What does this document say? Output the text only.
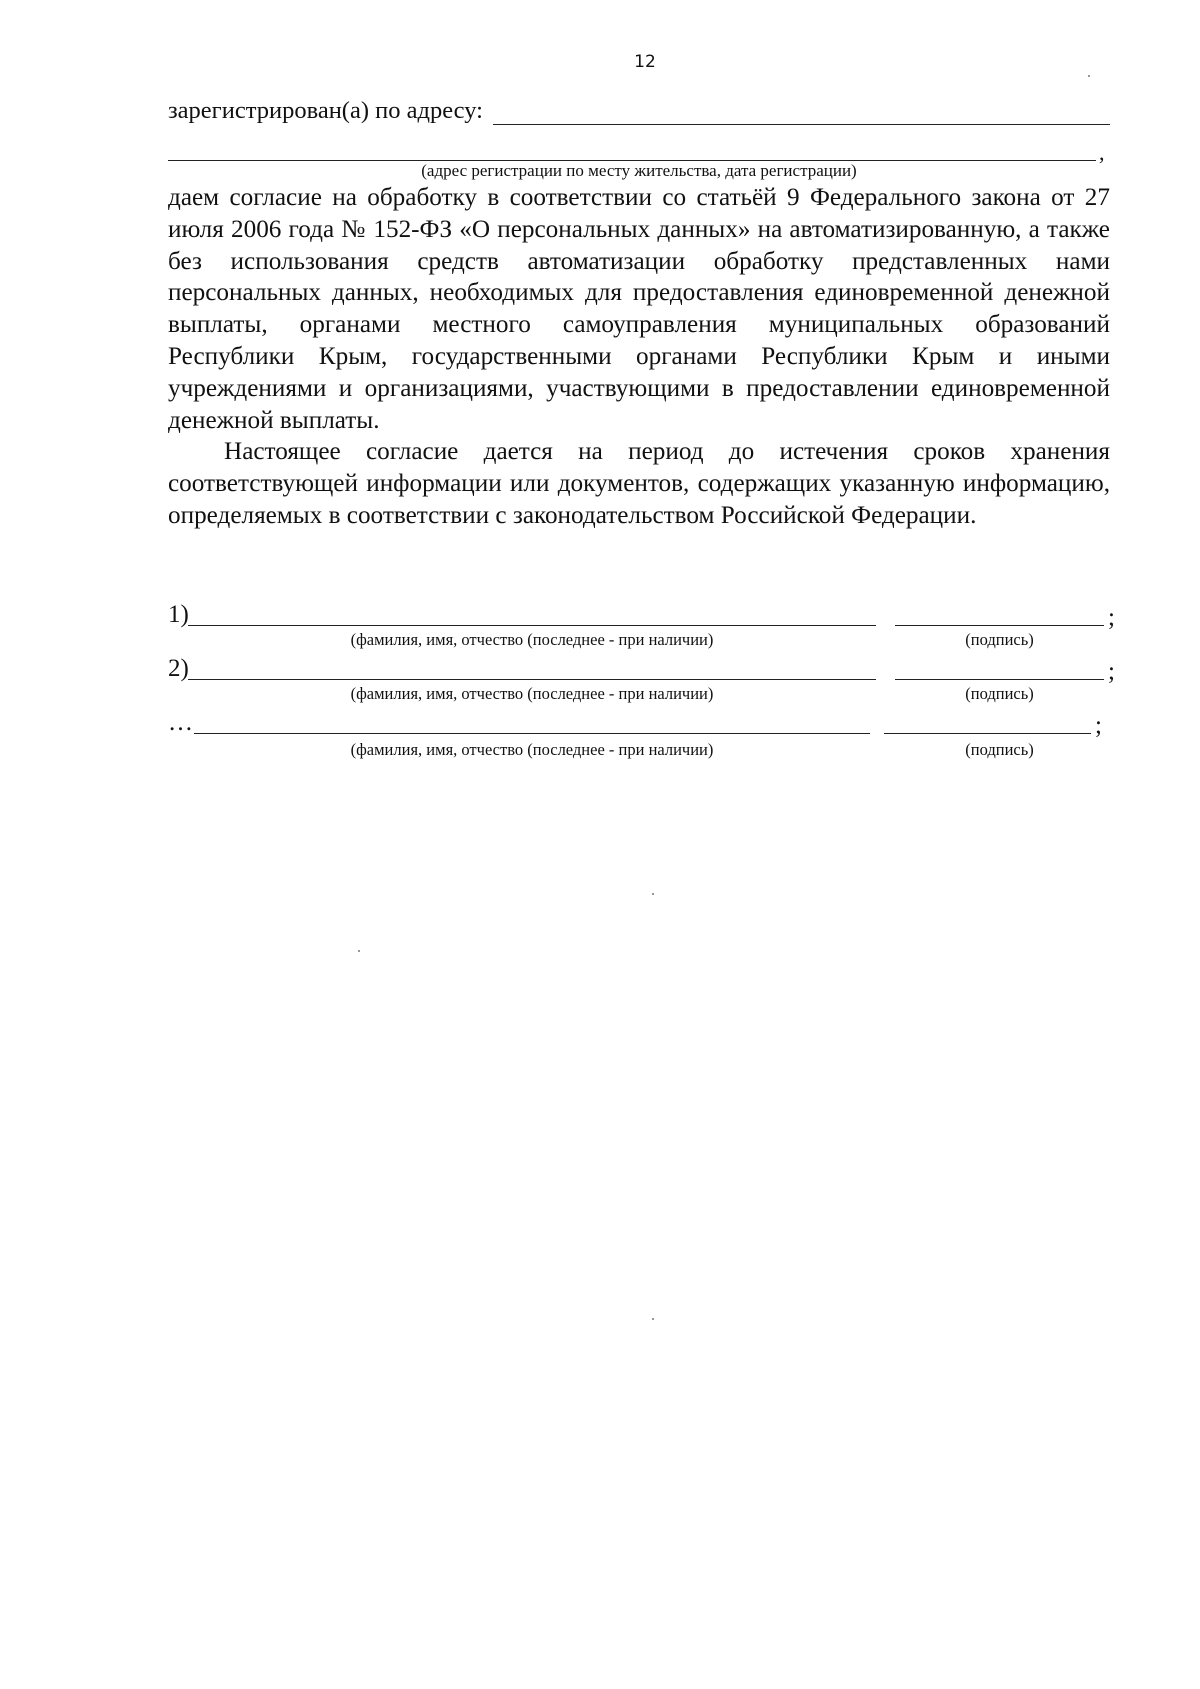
12
зарегистрирован(а) по адресу:
,
(адрес регистрации по месту жительства, дата регистрации)

даем согласие на обработку в соответствии со статьёй 9 Федерального закона от 27 июля 2006 года № 152-ФЗ «О персональных данных» на автоматизированную, а также без использования средств автоматизации обработку представленных нами персональных данных, необходимых для предоставления единовременной денежной выплаты, органами местного самоуправления муниципальных образований Республики Крым, государственными органами Республики Крым и иными учреждениями и организациями, участвующими в предоставлении единовременной денежной выплаты.

Настоящее согласие дается на период до истечения сроков хранения соответствующей информации или документов, содержащих указанную информацию, определяемых в соответствии с законодательством Российской Федерации.

1)	;
(фамилия, имя, отчество (последнее - при наличии)	(подпись)
2)	;
(фамилия, имя, отчество (последнее - при наличии)	(подпись)
…	;
(фамилия, имя, отчество (последнее - при наличии)	(подпись)
